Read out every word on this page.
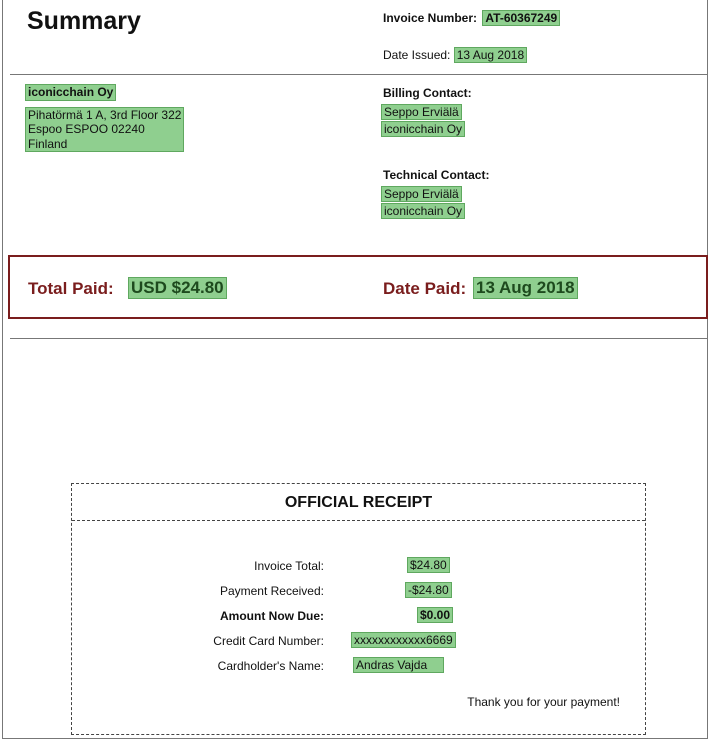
Summary	Invoice Number: AT-60367249
Date Issued: 13 Aug 2018
iconicchain Oy
Pihatörmä 1 A, 3rd Floor 322
Espoo ESPOO 02240
Finland
Billing Contact:
Seppo Erviälä
iconicchain Oy
Technical Contact:
Seppo Erviälä
iconicchain Oy
Total Paid: USD $24.80	Date Paid: 13 Aug 2018
OFFICIAL RECEIPT
Invoice Total:	$24.80
Payment Received:	-$24.80
Amount Now Due:	$0.00
Credit Card Number:	xxxxxxxxxxxx6669
Cardholder's Name:	Andras Vajda
Thank you for your payment!
